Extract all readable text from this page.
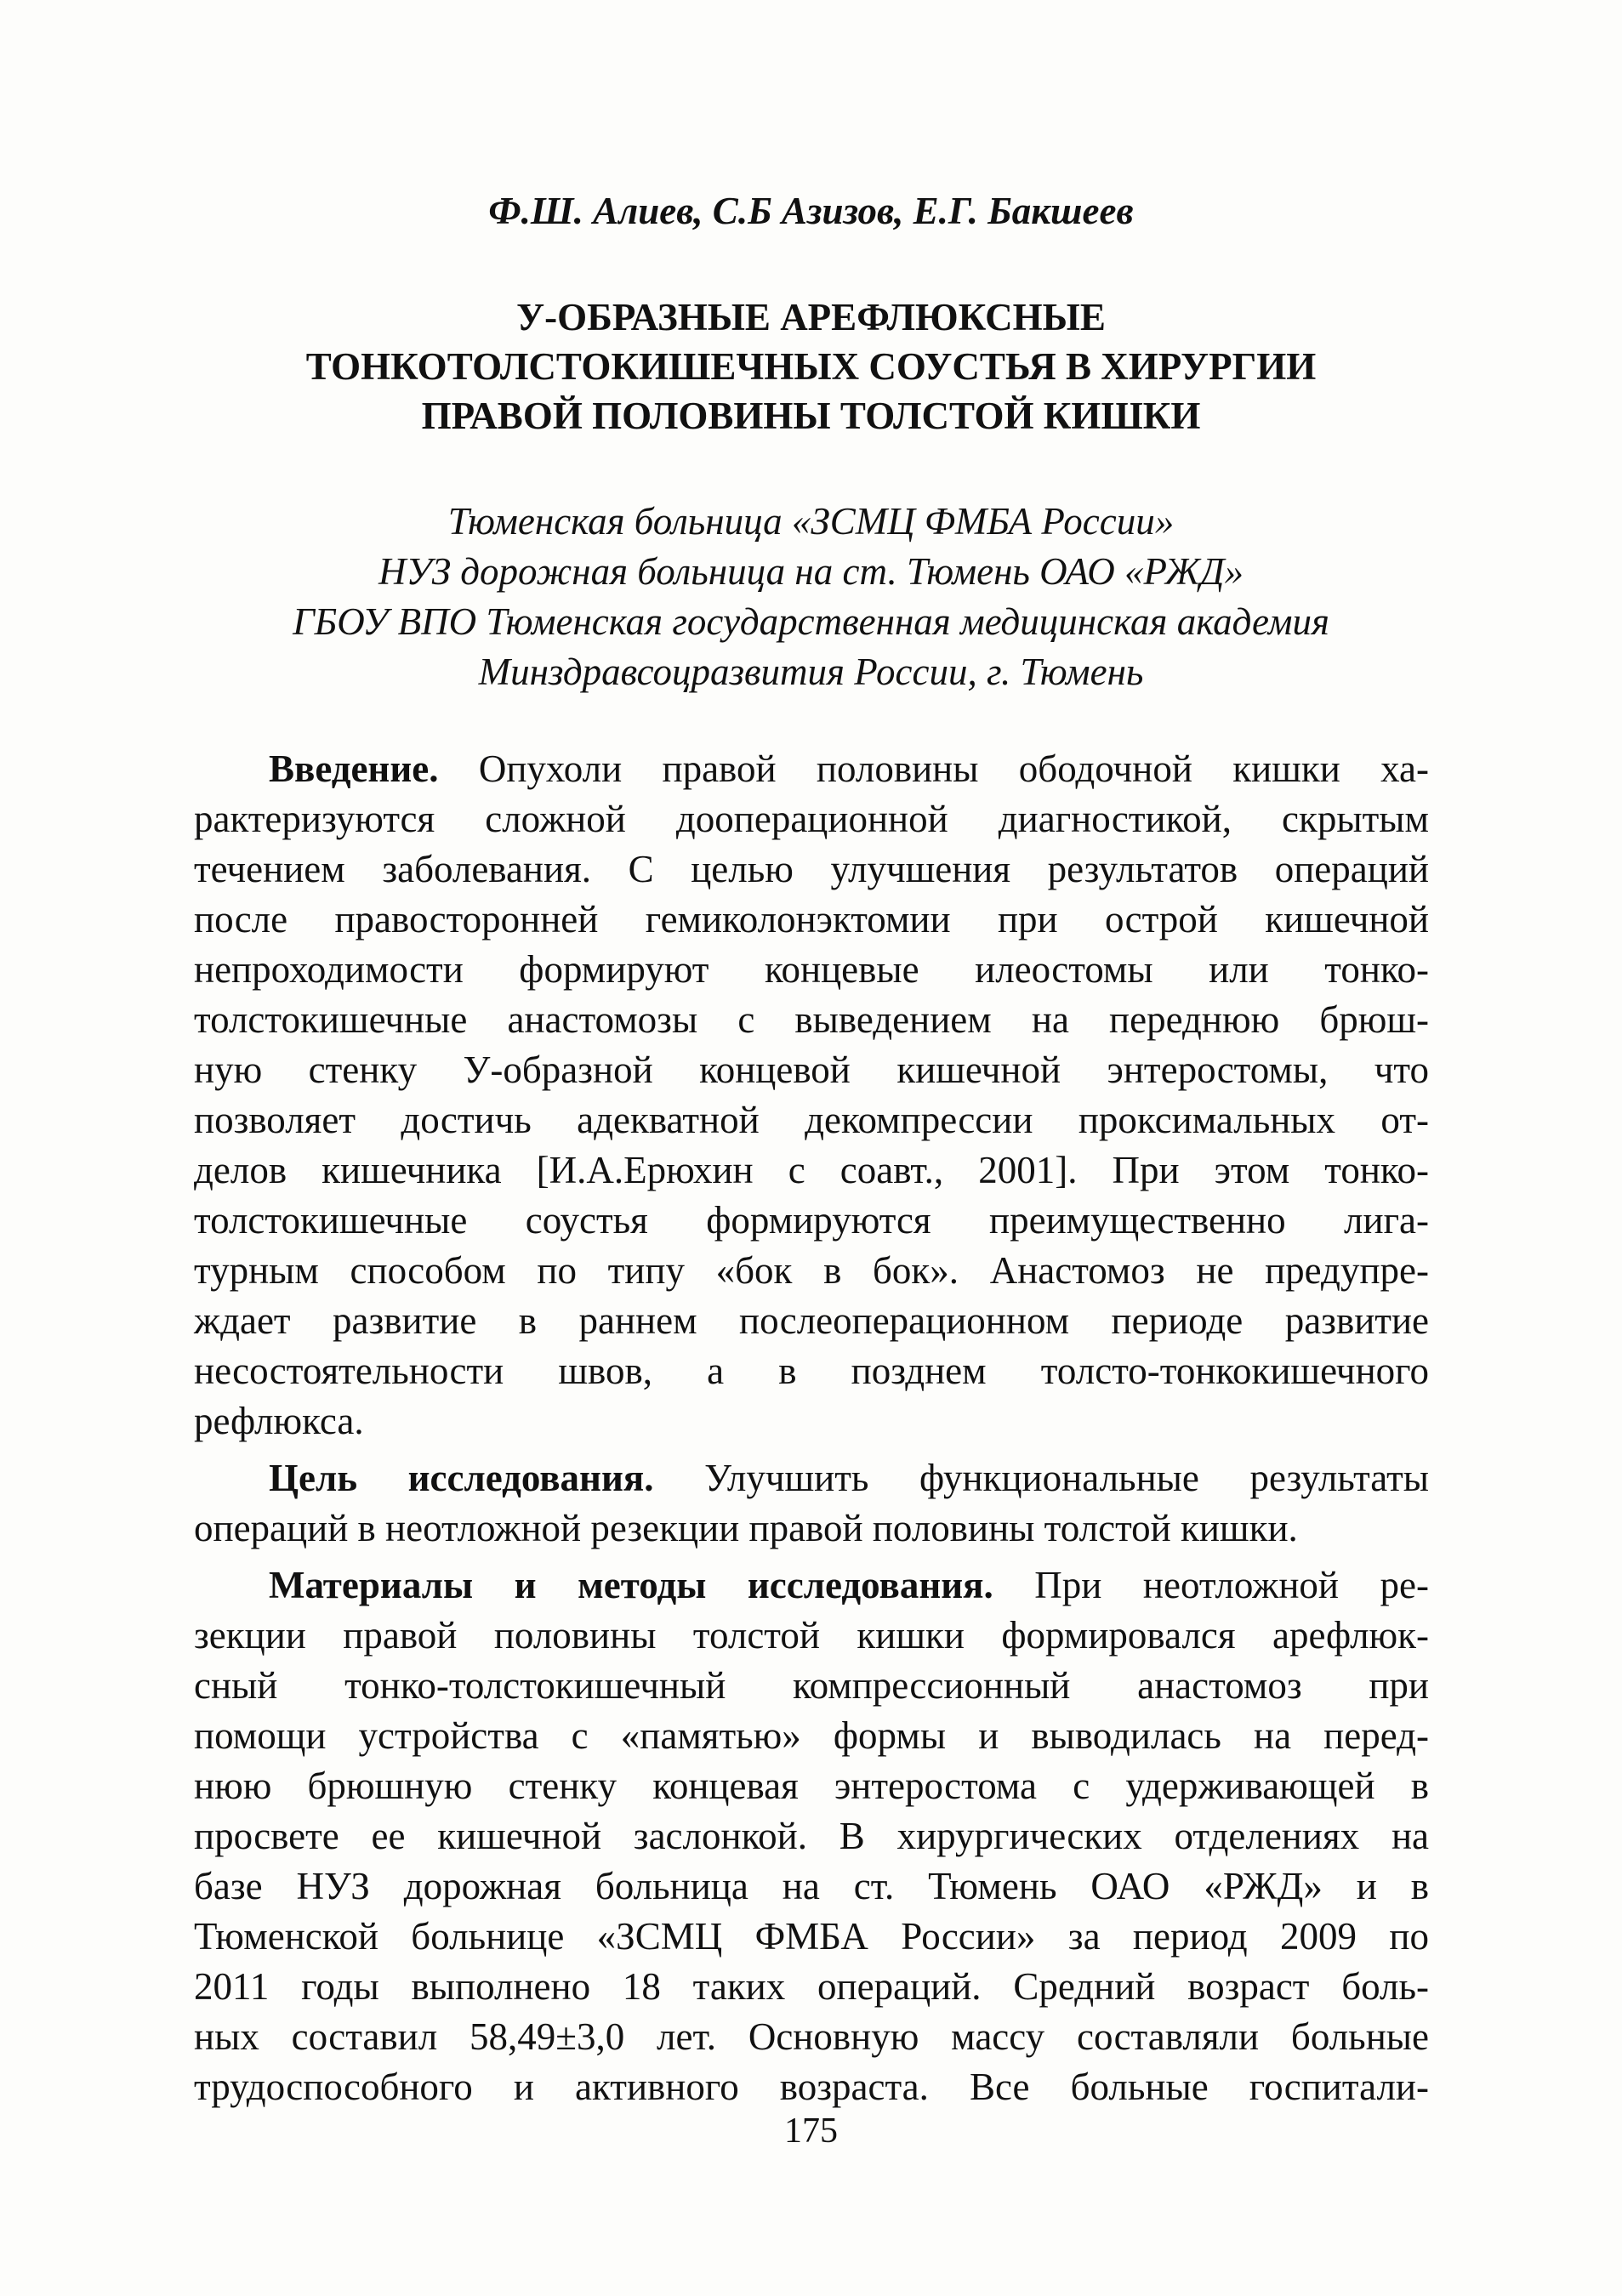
Ф.Ш. Алиев, С.Б Азизов, Е.Г. Бакшеев
У-ОБРАЗНЫЕ АРЕФЛЮКСНЫЕ
ТОНКОТОЛСТОКИШЕЧНЫХ СОУСТЬЯ В ХИРУРГИИ
ПРАВОЙ ПОЛОВИНЫ ТОЛСТОЙ КИШКИ
Тюменская больница «ЗСМЦ ФМБА России»
НУЗ дорожная больница на ст. Тюмень ОАО «РЖД»
ГБОУ ВПО Тюменская государственная медицинская академия
Минздравсоцразвития России, г. Тюмень
Введение. Опухоли правой половины ободочной кишки ха-
рактеризуются сложной дооперационной диагностикой, скрытым
течением заболевания. С целью улучшения результатов операций
после правосторонней гемиколонэктомии при острой кишечной
непроходимости формируют концевые илеостомы или тонко-
толстокишечные анастомозы с выведением на переднюю брюш-
ную стенку У-образной концевой кишечной энтеростомы, что
позволяет достичь адекватной декомпрессии проксимальных от-
делов кишечника [И.А.Ерюхин с соавт., 2001]. При этом тонко-
толстокишечные соустья формируются преимущественно лига-
турным способом по типу «бок в бок». Анастомоз не предупре-
ждает развитие в раннем послеоперационном периоде развитие
несостоятельности швов, а в позднем толсто-тонкокишечного
рефлюкса.
Цель исследования. Улучшить функциональные результаты
операций в неотложной резекции правой половины толстой кишки.
Материалы и методы исследования. При неотложной ре-
зекции правой половины толстой кишки формировался арефлюк-
сный тонко-толстокишечный компрессионный анастомоз при
помощи устройства с «памятью» формы и выводилась на перед-
нюю брюшную стенку концевая энтеростома с удерживающей в
просвете ее кишечной заслонкой. В хирургических отделениях на
базе НУЗ дорожная больница на ст. Тюмень ОАО «РЖД» и в
Тюменской больнице «ЗСМЦ ФМБА России» за период 2009 по
2011 годы выполнено 18 таких операций. Средний возраст боль-
ных составил 58,49±3,0 лет. Основную массу составляли больные
трудоспособного и активного возраста. Все больные госпитали-
175
